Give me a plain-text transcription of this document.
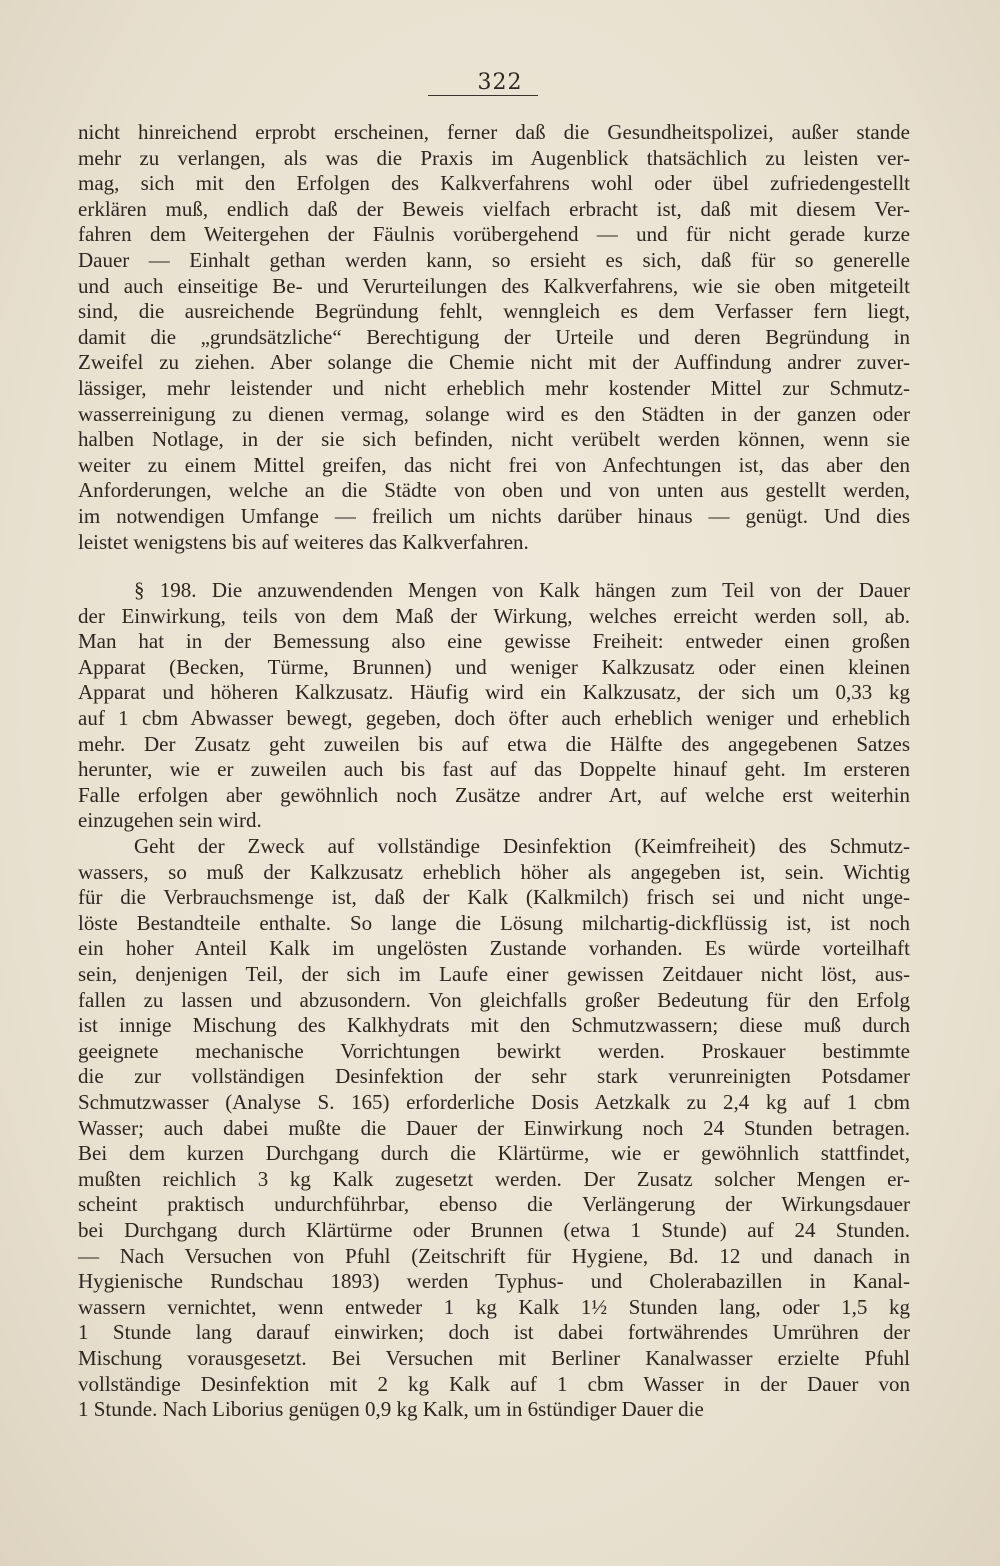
322
nicht hinreichend erprobt erscheinen, ferner daß die Gesundheitspolizei, außer stande
mehr zu verlangen, als was die Praxis im Augenblick thatsächlich zu leisten ver-
mag, sich mit den Erfolgen des Kalkverfahrens wohl oder übel zufriedengestellt
erklären muß, endlich daß der Beweis vielfach erbracht ist, daß mit diesem Ver-
fahren dem Weitergehen der Fäulnis vorübergehend — und für nicht gerade kurze
Dauer — Einhalt gethan werden kann, so ersieht es sich, daß für so generelle
und auch einseitige Be- und Verurteilungen des Kalkverfahrens, wie sie oben mitgeteilt
sind, die ausreichende Begründung fehlt, wenngleich es dem Verfasser fern liegt,
damit die „grundsätzliche“ Berechtigung der Urteile und deren Begründung in
Zweifel zu ziehen. Aber solange die Chemie nicht mit der Auffindung andrer zuver-
lässiger, mehr leistender und nicht erheblich mehr kostender Mittel zur Schmutz-
wasserreinigung zu dienen vermag, solange wird es den Städten in der ganzen oder
halben Notlage, in der sie sich befinden, nicht verübelt werden können, wenn sie
weiter zu einem Mittel greifen, das nicht frei von Anfechtungen ist, das aber den
Anforderungen, welche an die Städte von oben und von unten aus gestellt werden,
im notwendigen Umfange — freilich um nichts darüber hinaus — genügt. Und dies
leistet wenigstens bis auf weiteres das Kalkverfahren.
§ 198. Die anzuwendenden Mengen von Kalk hängen zum Teil von der Dauer
der Einwirkung, teils von dem Maß der Wirkung, welches erreicht werden soll, ab.
Man hat in der Bemessung also eine gewisse Freiheit: entweder einen großen
Apparat (Becken, Türme, Brunnen) und weniger Kalkzusatz oder einen kleinen
Apparat und höheren Kalkzusatz. Häufig wird ein Kalkzusatz, der sich um 0,33 kg
auf 1 cbm Abwasser bewegt, gegeben, doch öfter auch erheblich weniger und erheblich
mehr. Der Zusatz geht zuweilen bis auf etwa die Hälfte des angegebenen Satzes
herunter, wie er zuweilen auch bis fast auf das Doppelte hinauf geht. Im ersteren
Falle erfolgen aber gewöhnlich noch Zusätze andrer Art, auf welche erst weiterhin
einzugehen sein wird.
Geht der Zweck auf vollständige Desinfektion (Keimfreiheit) des Schmutz-
wassers, so muß der Kalkzusatz erheblich höher als angegeben ist, sein. Wichtig
für die Verbrauchsmenge ist, daß der Kalk (Kalkmilch) frisch sei und nicht unge-
löste Bestandteile enthalte. So lange die Lösung milchartig-dickflüssig ist, ist noch
ein hoher Anteil Kalk im ungelösten Zustande vorhanden. Es würde vorteilhaft
sein, denjenigen Teil, der sich im Laufe einer gewissen Zeitdauer nicht löst, aus-
fallen zu lassen und abzusondern. Von gleichfalls großer Bedeutung für den Erfolg
ist innige Mischung des Kalkhydrats mit den Schmutzwassern; diese muß durch
geeignete mechanische Vorrichtungen bewirkt werden. Proskauer bestimmte
die zur vollständigen Desinfektion der sehr stark verunreinigten Potsdamer
Schmutzwasser (Analyse S. 165) erforderliche Dosis Aetzkalk zu 2,4 kg auf 1 cbm
Wasser; auch dabei mußte die Dauer der Einwirkung noch 24 Stunden betragen.
Bei dem kurzen Durchgang durch die Klärtürme, wie er gewöhnlich stattfindet,
mußten reichlich 3 kg Kalk zugesetzt werden. Der Zusatz solcher Mengen er-
scheint praktisch undurchführbar, ebenso die Verlängerung der Wirkungsdauer
bei Durchgang durch Klärtürme oder Brunnen (etwa 1 Stunde) auf 24 Stunden.
— Nach Versuchen von Pfuhl (Zeitschrift für Hygiene, Bd. 12 und danach in
Hygienische Rundschau 1893) werden Typhus- und Cholerabazillen in Kanal-
wassern vernichtet, wenn entweder 1 kg Kalk 1½ Stunden lang, oder 1,5 kg
1 Stunde lang darauf einwirken; doch ist dabei fortwährendes Umrühren der
Mischung vorausgesetzt. Bei Versuchen mit Berliner Kanalwasser erzielte Pfuhl
vollständige Desinfektion mit 2 kg Kalk auf 1 cbm Wasser in der Dauer von
1 Stunde. Nach Liborius genügen 0,9 kg Kalk, um in 6stündiger Dauer die
